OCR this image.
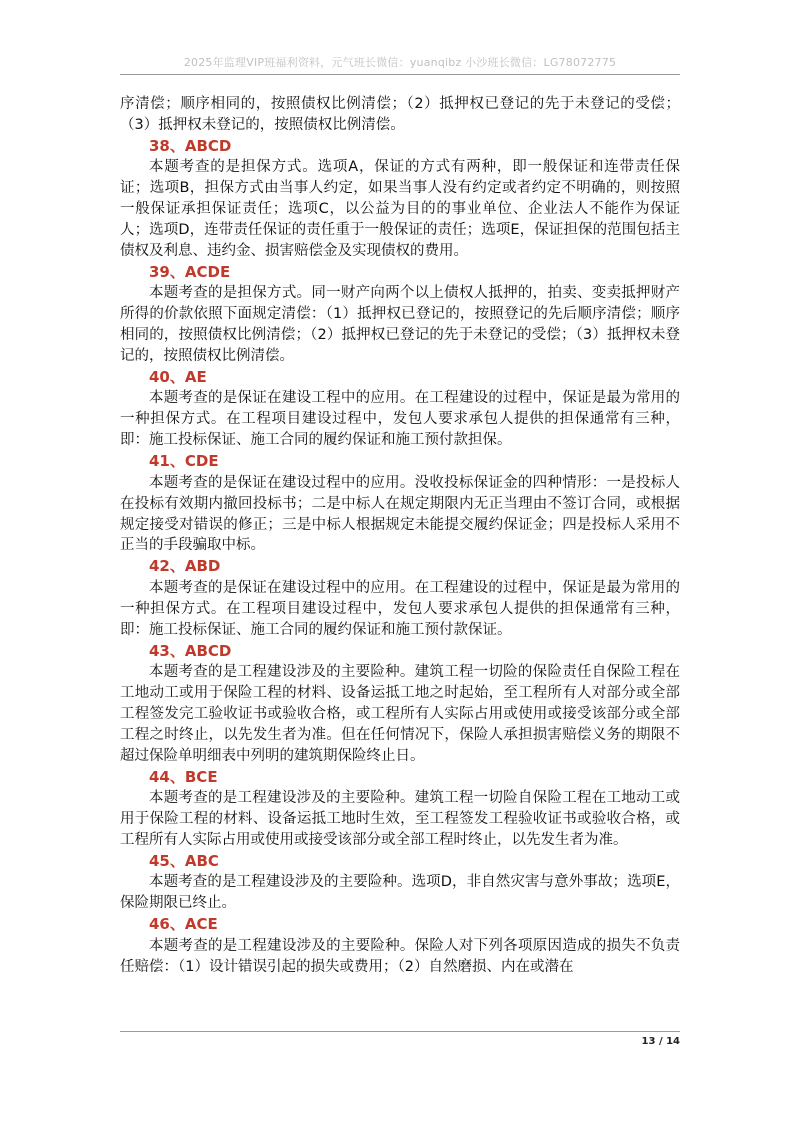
2025年监理VIP班福利资料，元气班长微信：yuanqibz 小沙班长微信：LG78072775

序清偿；顺序相同的，按照债权比例清偿；（2）抵押权已登记的先于未登记的受偿；（3）抵押权未登记的，按照债权比例清偿。

38、ABCD

本题考查的是担保方式。选项A，保证的方式有两种，即一般保证和连带责任保证；选项B，担保方式由当事人约定，如果当事人没有约定或者约定不明确的，则按照一般保证承担保证责任；选项C，以公益为目的的事业单位、企业法人不能作为保证人；选项D，连带责任保证的责任重于一般保证的责任；选项E，保证担保的范围包括主债权及利息、违约金、损害赔偿金及实现债权的费用。

39、ACDE

本题考查的是担保方式。同一财产向两个以上债权人抵押的，拍卖、变卖抵押财产所得的价款依照下面规定清偿：（1）抵押权已登记的，按照登记的先后顺序清偿；顺序相同的，按照债权比例清偿；（2）抵押权已登记的先于未登记的受偿；（3）抵押权未登记的，按照债权比例清偿。

40、AE

本题考查的是保证在建设工程中的应用。在工程建设的过程中，保证是最为常用的一种担保方式。在工程项目建设过程中，发包人要求承包人提供的担保通常有三种，即：施工投标保证、施工合同的履约保证和施工预付款担保。

41、CDE

本题考查的是保证在建设过程中的应用。没收投标保证金的四种情形：一是投标人在投标有效期内撤回投标书；二是中标人在规定期限内无正当理由不签订合同，或根据规定接受对错误的修正；三是中标人根据规定未能提交履约保证金；四是投标人采用不正当的手段骗取中标。

42、ABD

本题考查的是保证在建设过程中的应用。在工程建设的过程中，保证是最为常用的一种担保方式。在工程项目建设过程中，发包人要求承包人提供的担保通常有三种，即：施工投标保证、施工合同的履约保证和施工预付款保证。

43、ABCD

本题考查的是工程建设涉及的主要险种。建筑工程一切险的保险责任自保险工程在工地动工或用于保险工程的材料、设备运抵工地之时起始，至工程所有人对部分或全部工程签发完工验收证书或验收合格，或工程所有人实际占用或使用或接受该部分或全部工程之时终止，以先发生者为准。但在任何情况下，保险人承担损害赔偿义务的期限不超过保险单明细表中列明的建筑期保险终止日。

44、BCE

本题考查的是工程建设涉及的主要险种。建筑工程一切险自保险工程在工地动工或用于保险工程的材料、设备运抵工地时生效，至工程签发工程验收证书或验收合格，或工程所有人实际占用或使用或接受该部分或全部工程时终止，以先发生者为准。

45、ABC

本题考查的是工程建设涉及的主要险种。选项D，非自然灾害与意外事故；选项E，保险期限已终止。

46、ACE

本题考查的是工程建设涉及的主要险种。保险人对下列各项原因造成的损失不负责任赔偿：（1）设计错误引起的损失或费用；（2）自然磨损、内在或潜在

13 / 14
